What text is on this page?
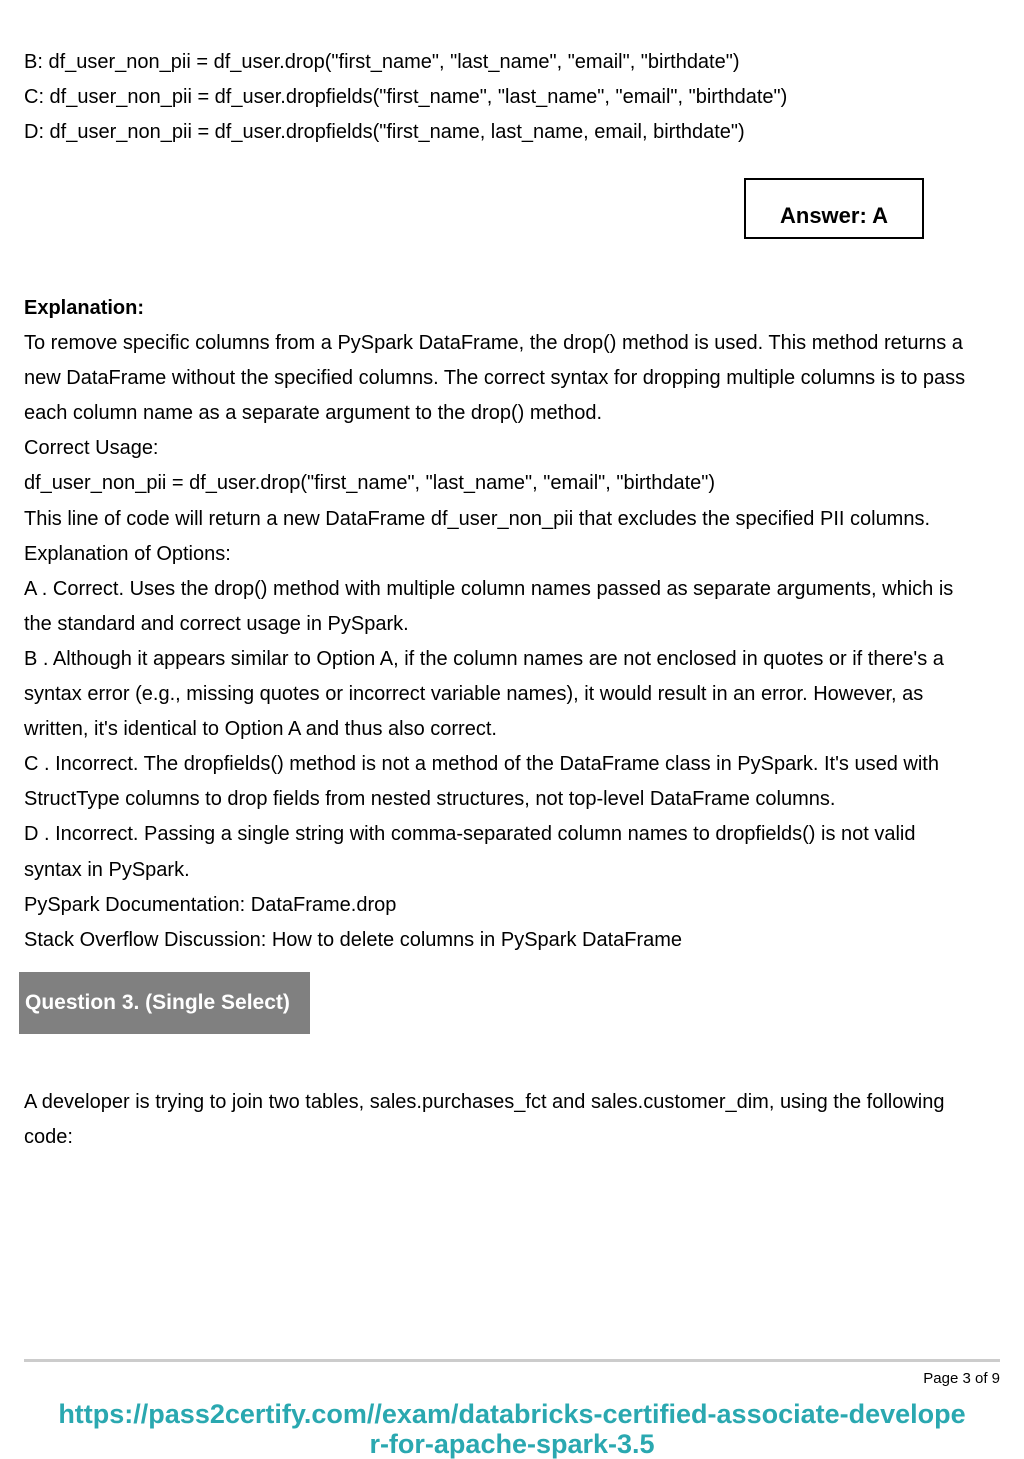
B: df_user_non_pii = df_user.drop("first_name", "last_name", "email", "birthdate")
C: df_user_non_pii = df_user.dropfields("first_name", "last_name", "email", "birthdate")
D: df_user_non_pii = df_user.dropfields("first_name, last_name, email, birthdate")
Answer: A
Explanation:
To remove specific columns from a PySpark DataFrame, the drop() method is used. This method returns a
new DataFrame without the specified columns. The correct syntax for dropping multiple columns is to pass
each column name as a separate argument to the drop() method.
Correct Usage:
df_user_non_pii = df_user.drop("first_name", "last_name", "email", "birthdate")
This line of code will return a new DataFrame df_user_non_pii that excludes the specified PII columns.
Explanation of Options:
A . Correct. Uses the drop() method with multiple column names passed as separate arguments, which is
the standard and correct usage in PySpark.
B . Although it appears similar to Option A, if the column names are not enclosed in quotes or if there's a
syntax error (e.g., missing quotes or incorrect variable names), it would result in an error. However, as
written, it's identical to Option A and thus also correct.
C . Incorrect. The dropfields() method is not a method of the DataFrame class in PySpark. It's used with
StructType columns to drop fields from nested structures, not top-level DataFrame columns.
D . Incorrect. Passing a single string with comma-separated column names to dropfields() is not valid
syntax in PySpark.
PySpark Documentation: DataFrame.drop
Stack Overflow Discussion: How to delete columns in PySpark DataFrame
Question 3. (Single Select)
A developer is trying to join two tables, sales.purchases_fct and sales.customer_dim, using the following
code:
Page 3 of 9
https://pass2certify.com//exam/databricks-certified-associate-develope
r-for-apache-spark-3.5
